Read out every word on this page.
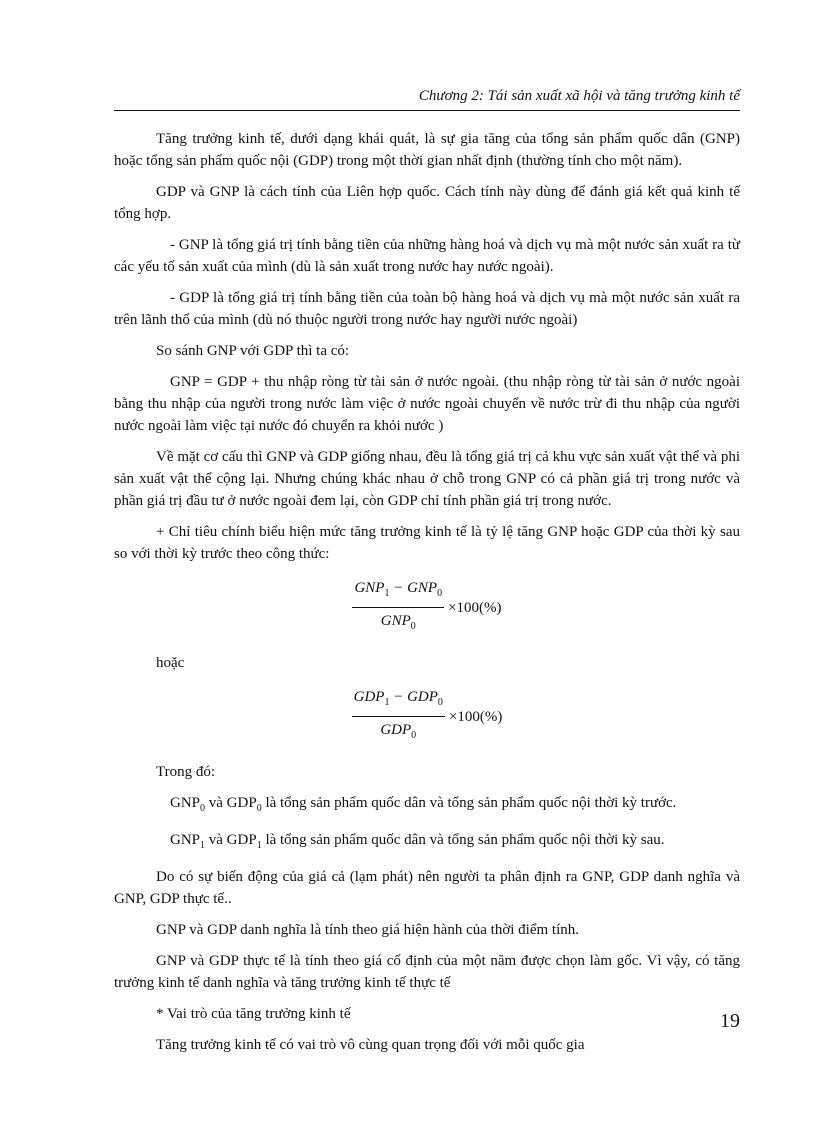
Chương 2: Tái sản xuất xã hội và tăng trưởng kinh tế

Tăng trưởng kinh tế, dưới dạng khái quát, là sự gia tăng của tổng sản phẩm quốc dân (GNP) hoặc tổng sản phẩm quốc nội (GDP) trong một thời gian nhất định (thường tính cho một năm).

GDP và GNP là cách tính của Liên hợp quốc. Cách tính này dùng để đánh giá kết quả kinh tế tổng hợp.

- GNP là tổng giá trị tính bằng tiền của những hàng hoá và dịch vụ mà một nước sản xuất ra từ các yếu tố sản xuất của mình (dù là sản xuất trong nước hay nước ngoài).

- GDP là tổng giá trị tính bằng tiền của toàn bộ hàng hoá và dịch vụ mà một nước sản xuất ra trên lãnh thổ của mình (dù nó thuộc người trong nước hay người nước ngoài)

So sánh GNP với GDP thì ta có:

GNP = GDP + thu nhập ròng từ tài sản ở nước ngoài. (thu nhập ròng từ tài sản ở nước ngoài bằng thu nhập của người trong nước làm việc ở nước ngoài chuyển về nước trừ đi thu nhập của người nước ngoài làm việc tại nước đó chuyển ra khỏi nước )

Về mặt cơ cấu thì GNP và GDP giống nhau, đều là tổng giá trị cả khu vực sản xuất vật thể và phi sản xuất vật thể cộng lại. Nhưng chúng khác nhau ở chỗ trong GNP có cả phần giá trị trong nước và phần giá trị đầu tư ở nước ngoài đem lại, còn GDP chỉ tính phần giá trị trong nước.

+ Chỉ tiêu chính biểu hiện mức tăng trưởng kinh tế là tỷ lệ tăng GNP hoặc GDP của thời kỳ sau so với thời kỳ trước theo công thức:

$\frac{GNP_1 - GNP_0}{GNP_0} \times 100(\%)$

hoặc

$\frac{GDP_1 - GDP_0}{GDP_0} \times 100(\%)$

Trong đó:

$GNP_0$ và $GDP_0$ là tổng sản phẩm quốc dân và tổng sản phẩm quốc nội thời kỳ trước.

$GNP_1$ và $GDP_1$ là tổng sản phẩm quốc dân và tổng sản phẩm quốc nội thời kỳ sau.

Do có sự biến động của giá cả (lạm phát) nên người ta phân định ra GNP, GDP danh nghĩa và GNP, GDP thực tế..

GNP và GDP danh nghĩa là tính theo giá hiện hành của thời điểm tính.

GNP và GDP thực tế là tính theo giá cố định của một năm được chọn làm gốc. Vì vậy, có tăng trưởng kinh tế danh nghĩa và tăng trưởng kinh tế thực tế

* Vai trò của tăng trưởng kinh tế

Tăng trưởng kinh tế có vai trò vô cùng quan trọng đối với mỗi quốc gia

19
